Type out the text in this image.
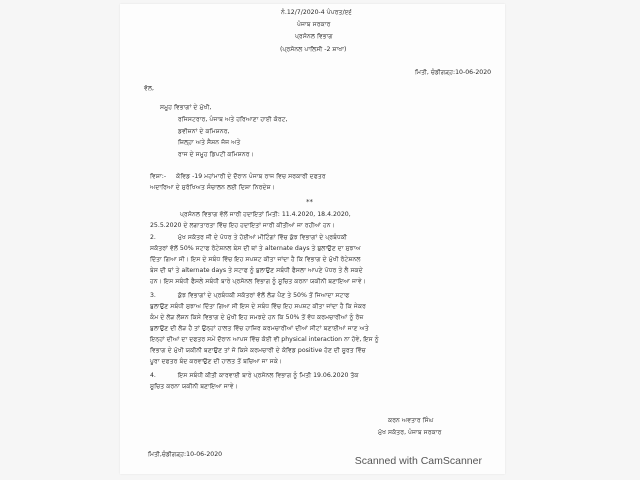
ਨੰ.12/7/2020-4 ਪੰਪਰਤ/ੲ੬
ਪੰਜਾਬ ਸਰਕਾਰ
ਪ੍ਰਸੋਨਲ ਵਿਭਾਗ
(ਪ੍ਰਸੋਨਲ ਪਾਲਿਸੀ -2 ਸ਼ਾਖਾ)
ਮਿਤੀ, ਚੰਡੀਗੜ੍ਹ:10-06-2020
ਵੱਲ,
ਸਮੂਹ ਵਿਭਾਗਾਂ ਦੇ ਮੁੱਖੀ,
ਰਜਿਸਟਰਾਰ, ਪੰਜਾਬ ਅਤੇ ਹਰਿਆਣਾ ਹਾਈ ਕੋਰਟ,
ਡਵੀਜ਼ਨਾਂ ਦੇ ਕਮਿਸ਼ਨਰ,
ਜ਼ਿਲ੍ਹਾ ਅਤੇ ਸੈਸ਼ਨ ਜੱਜ ਅਤੇ
ਰਾਜ ਦੇ ਸਮੂਹ ਡਿਪਟੀ ਕਮਿਸ਼ਨਰ।
ਵਿਸ਼ਾ:- ਕੋਵਿਡ -19 ਮਹਾਂਮਾਰੀ ਦੇ ਦੌਰਾਨ ਪੰਜਾਬ ਰਾਜ ਵਿਚ ਸਰਕਾਰੀ ਦਫਤਰ
ਅਦਾਰਿਆ ਦੇ ਸੁਰੱਖਿਅਤ ਸੰਚਾਲਨ ਲਈ ਦਿਸ਼ਾ ਨਿਰਦੇਸ਼।
**
ਪ੍ਰਸੋਨਲ ਵਿਭਾਗ ਵੱਲੋਂ ਜਾਰੀ ਹਦਾਇਤਾਂ ਮਿਤੀ: 11.4.2020, 18.4.2020,
25.5.2020 ਦੇ ਲਗਾਤਾਰਤਾ ਵਿੱਚ ਇਹ ਹਦਾਇਤਾਂ ਜਾਰੀ ਕੀਤੀਆਂ ਜਾ ਰਹੀਆਂ ਹਨ।
2.	ਮੁੱਖ ਸਕੱਤਰ ਜੀ ਦੇ ਪੱਧਰ ਤੇ ਹੋਈਆਂ ਮੀਟਿੰਗਾਂ ਵਿੱਚ ਕੁੱਝ ਵਿਭਾਗਾਂ ਦੇ ਪ੍ਰਬੰਧਕੀ
ਸਕੱਤਰਾਂ ਵੱਲੋਂ 50% ਸਟਾਫ ਰੋਟੇਸ਼ਨਲ ਬੇਸ ਦੀ ਥਾਂ ਤੇ alternate days ਤੇ ਬੁਲਾਉਣ ਦਾ ਸੁਝਾਅ
ਦਿੱਤਾ ਗਿਆ ਸੀ। ਇਸ ਦੇ ਸਬੰਧ ਵਿੱਚ ਇਹ ਸਪਸ਼ਟ ਕੀਤਾ ਜਾਂਦਾ ਹੈ ਕਿ ਵਿਭਾਗ ਦੇ ਮੁੱਖੀ ਰੋਟੇਸ਼ਨਲ
ਬੇਸ ਦੀ ਥਾਂ ਤੇ alternate days ਤੇ ਸਟਾਫ ਨੂੰ ਬੁਲਾਉਣ ਸਬੰਧੀ ਫੈਸਲਾ ਆਪਣੇ ਪੱਧਰ ਤੇ ਲੈ ਸਕਦੇ
ਹਨ। ਇਸ ਸਬੰਧੀ ਫੈਸਲੇ ਸਬੰਧੀ ਬਾਰੇ ਪ੍ਰਸੋਨਲ ਵਿਭਾਗ ਨੂੰ ਸੂਚਿਤ ਕਰਨਾ ਯਕੀਨੀ ਬਣਾਇਆ ਜਾਵੇ।
3.	ਕੁੱਝ ਵਿਭਾਗਾਂ ਦੇ ਪ੍ਰਬੰਧਕੀ ਸਕੱਤਰਾਂ ਵੱਲੋਂ ਲੋੜ ਪੈਣ ਤੇ 50% ਤੋਂ ਜਿਆਦਾ ਸਟਾਫ
ਬੁਲਾਉਣ ਸਬੰਧੀ ਸੁਝਾਅ ਦਿੱਤਾ ਗਿਆ ਸੀ ਇਸ ਦੇ ਸਬੰਧ ਵਿੱਚ ਇਹ ਸਪਸ਼ਟ ਕੀਤਾ ਜਾਂਦਾ ਹੈ ਕਿ ਜੇਕਰ
ਕੰਮ ਦੇ ਲੋੜ ਲੋਸ਼ਨ ਕਿਸੇ ਵਿਭਾਗ ਦੇ ਮੁੱਖੀ ਇਹ ਸਮਝਦੇ ਹਨ ਕਿ 50% ਤੋਂ ਵੱਧ ਕਰਮਚਾਰੀਆਂ ਨੂੰ ਰੋਜ਼
ਬੁਲਾਉਣ ਦੀ ਲੋੜ ਹੈ ਤਾਂ ਉਨ੍ਹਾਂ ਹਾਲਤ ਵਿੱਚ ਹਾਜ਼ਿਰ ਕਰਮਚਾਰੀਆਂ ਦੀਆਂ ਸੀਟਾਂ ਬਣਾਈਆਂ ਜਾਣ ਅਤੇ
ਇਨ੍ਹਾਂ ਦੀਆਂ ਦਾ ਦਫਤਰ ਸਮੇਂ ਦੌਰਾਨ ਆਪਸ ਵਿੱਚ ਕੋਈ ਵੀ physical interaction ਨਾ ਹੋਵੇ, ਇਸ ਨੂੰ
ਵਿਭਾਗ ਦੇ ਮੁੱਖੀ ਯਕੀਨੀ ਬਣਾਉਣ ਤਾਂ ਜੋ ਕਿਸੇ ਕਰਮਚਾਰੀ ਦੇ ਕੋਵਿਡ positive ਹੋਣ ਦੀ ਸੂਰਤ ਵਿੱਚ
ਪੂਰਾ ਦਫਤਰ ਬੰਦ ਕਰਵਾਉਣ ਦੀ ਹਾਲਤ ਤੋਂ ਬਚਿਆ ਜਾ ਸਕੇ।
4.	ਇਸ ਸਬੰਧੀ ਕੀਤੀ ਕਾਰਵਾਈ ਬਾਰੇ ਪ੍ਰਸੋਨਲ ਵਿਭਾਗ ਨੂੰ ਮਿਤੀ 19.06.2020 ਤੱਕ
ਸੂਚਿਤ ਕਰਨਾ ਯਕੀਨੀ ਬਣਾਇਆ ਜਾਵੇ।
ਕਰਨ ਅਵਤਾਰ ਸਿੰਘ
ਮੁੱਖ ਸਕੱਤਰ, ਪੰਜਾਬ ਸਰਕਾਰ
ਮਿਤੀ,ਚੰਡੀਗੜ੍ਹ:10-06-2020
Scanned with CamScanner
